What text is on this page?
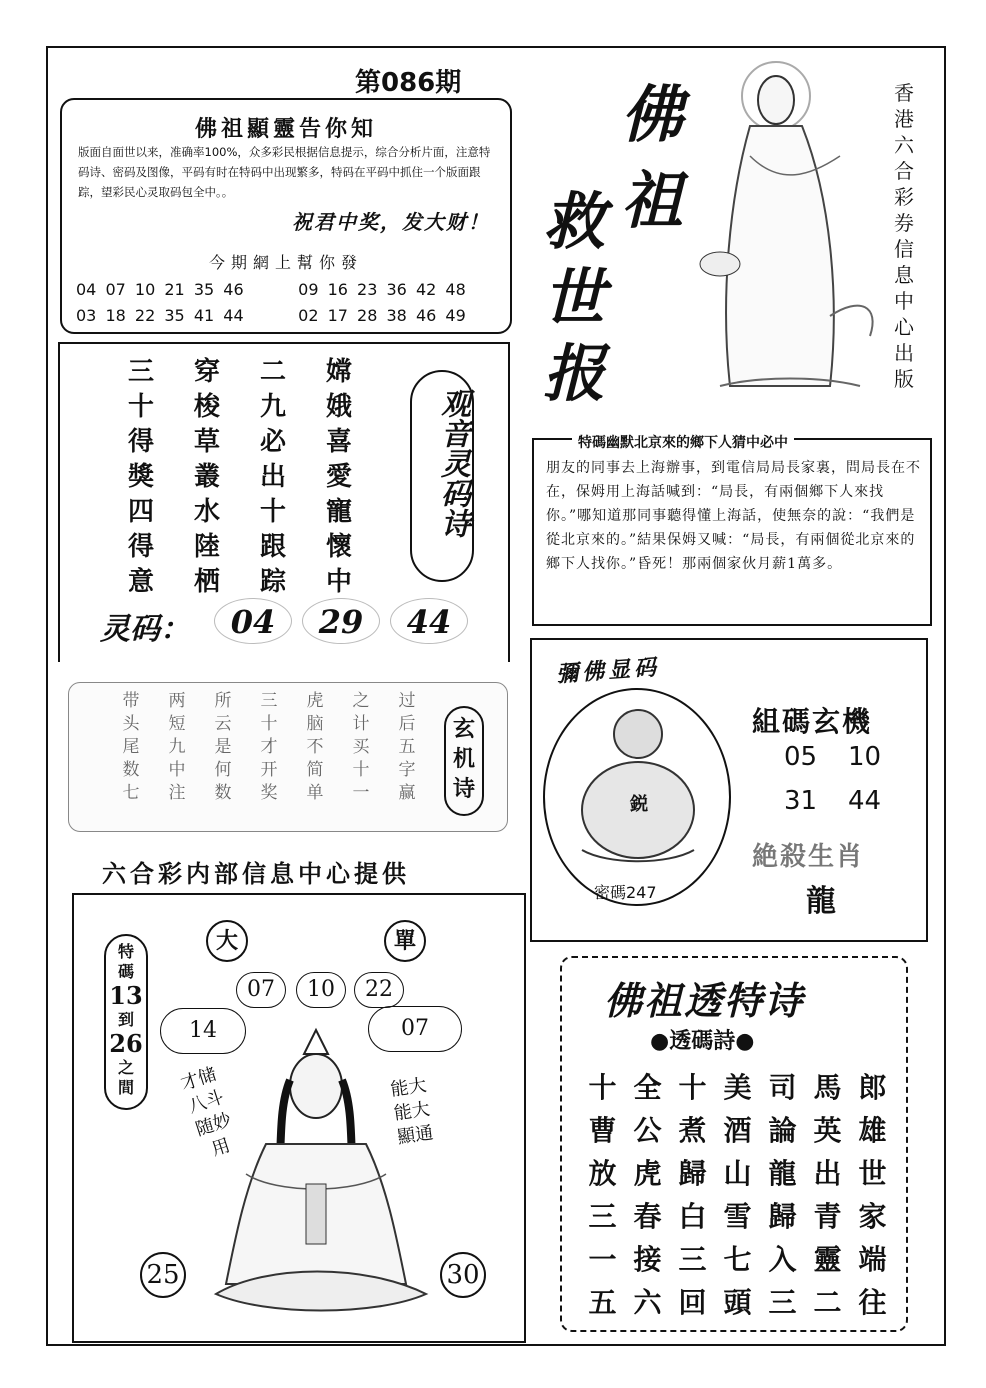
第086期
佛祖顯靈告你知
版面自面世以来，准确率100%，众多彩民根据信息提示，综合分析片面，注意特码诗、密码及图像，平码有时在特码中出现繁多，特码在平码中抓住一个版面跟踪，望彩民心灵取码包全中。。
祝君中奖，发大财！
今期網上幫你發
04 07 10 21 35 46	09 16 23 36 42 48
03 18 22 35 41 44	02 17 28 38 46 49
三	穿	二	嫦
十	梭	九	娥
得	草	必	喜
獎	叢	出	愛
四	水	十	寵
得	陸	跟	懷
意	栖	踪	中
观音灵码诗
灵码：	04	29	44
带	两	所	三	虎	之	过
头	短	云	十	脑	计	后
尾	九	是	才	不	买	五
数	中	何	开	简	十	字
七	注	数	奖	单	一	赢
玄机诗
六合彩内部信息中心提供
大	單
07	10	22
14	07
特
碼
13
到
26
之
間	才储八斗随妙用
能大能大顯通
25	30
佛祖
救世报
香港六合彩券信息中心出版
特碼幽默北京來的鄉下人猜中必中
朋友的同事去上海辦事，到電信局局長家裏，問局長在不在，保姆用上海話喊到：“局長，有兩個鄉下人來找你。”哪知道那同事聽得懂上海話，使無奈的說：“我們是從北京來的。”結果保姆又喊：“局長，有兩個從北京來的鄉下人找你。”昏死！那兩個家伙月薪1萬多。
彌佛显码
鋭
密碼247
組碼玄機
05 10
31 44
絶殺生肖
龍
佛祖透特诗
●透碼詩●
十 全 十 美 司 馬 郎
曹 公 煮 酒 論 英 雄
放 虎 歸 山 龍 出 世
三 春 白 雪 歸 青 家
一 接 三 七 入 靈 端
五 六 回 頭 三 二 往
